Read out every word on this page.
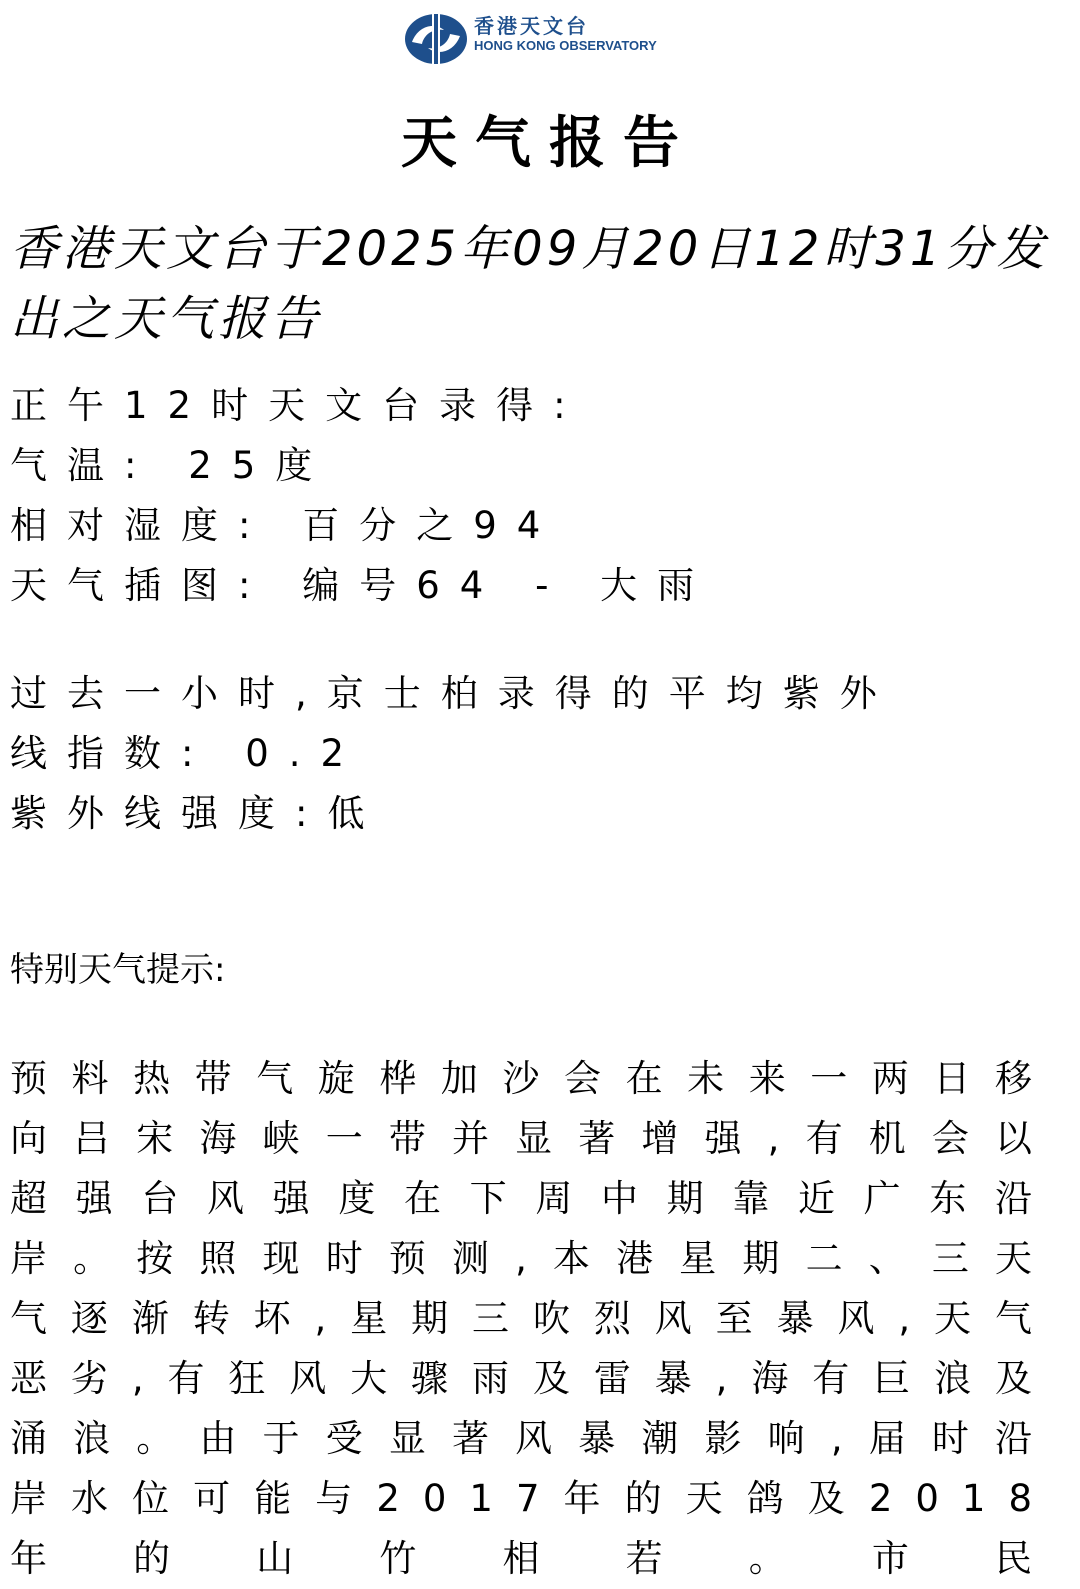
香港天文台
HONG KONG OBSERVATORY
天气报告
香港天文台于2025年09月20日12时31分发出之天气报告
正午12时天文台录得:
气温: 25度
相对湿度: 百分之94
天气插图: 编号64 - 大雨
过去一小时,京士柏录得的平均紫外
线指数: 0.2
紫外线强度:低
特别天气提示:
预料热带气旋桦加沙会在未来一两日移向吕宋海峡一带并显著增强,有机会以超强台风强度在下周中期靠近广东沿岸。按照现时预测,本港星期二、三天气逐渐转坏,星期三吹烈风至暴风,天气恶劣,有狂风大骤雨及雷暴,海有巨浪及涌浪。由于受显著风暴潮影响,届时沿岸水位可能与2017年的天鸽及2018年的山竹相若。市民
